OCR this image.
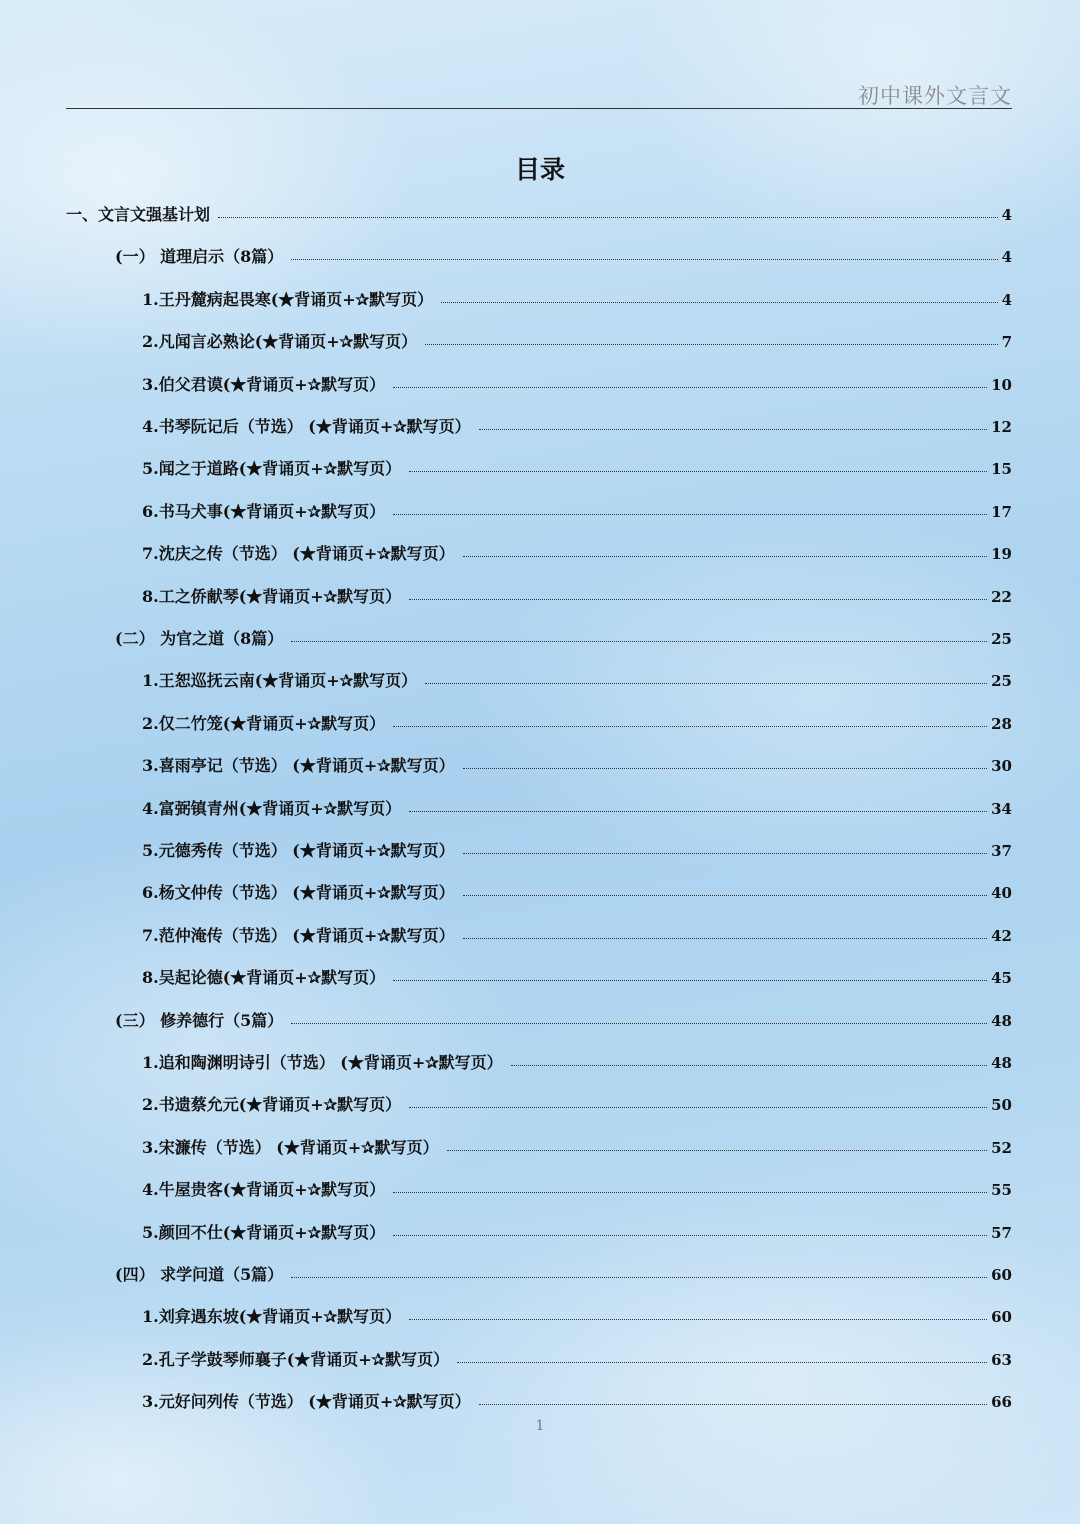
初中课外文言文
目录
一、文言文强基计划	4
(一） 道理启示（8篇）	4
1.王丹麓病起畏寒(★背诵页+✰默写页）	4
2.凡闻言必熟论(★背诵页+✰默写页）	7
3.伯父君谟(★背诵页+✰默写页）	10
4.书琴阮记后（节选） (★背诵页+✰默写页）	12
5.闻之于道路(★背诵页+✰默写页）	15
6.书马犬事(★背诵页+✰默写页）	17
7.沈庆之传（节选） (★背诵页+✰默写页）	19
8.工之侨献琴(★背诵页+✰默写页）	22
(二） 为官之道（8篇）	25
1.王恕巡抚云南(★背诵页+✰默写页）	25
2.仅二竹笼(★背诵页+✰默写页）	28
3.喜雨亭记（节选） (★背诵页+✰默写页）	30
4.富弼镇青州(★背诵页+✰默写页）	34
5.元德秀传（节选） (★背诵页+✰默写页）	37
6.杨文仲传（节选） (★背诵页+✰默写页）	40
7.范仲淹传（节选） (★背诵页+✰默写页）	42
8.吴起论德(★背诵页+✰默写页）	45
(三） 修养德行（5篇）	48
1.追和陶渊明诗引（节选） (★背诵页+✰默写页）	48
2.书遗蔡允元(★背诵页+✰默写页）	50
3.宋濂传（节选） (★背诵页+✰默写页）	52
4.牛屋贵客(★背诵页+✰默写页）	55
5.颜回不仕(★背诵页+✰默写页）	57
(四） 求学问道（5篇）	60
1.刘弇遇东坡(★背诵页+✰默写页）	60
2.孔子学鼓琴师襄子(★背诵页+✰默写页）	63
3.元好问列传（节选） (★背诵页+✰默写页）	66
1
